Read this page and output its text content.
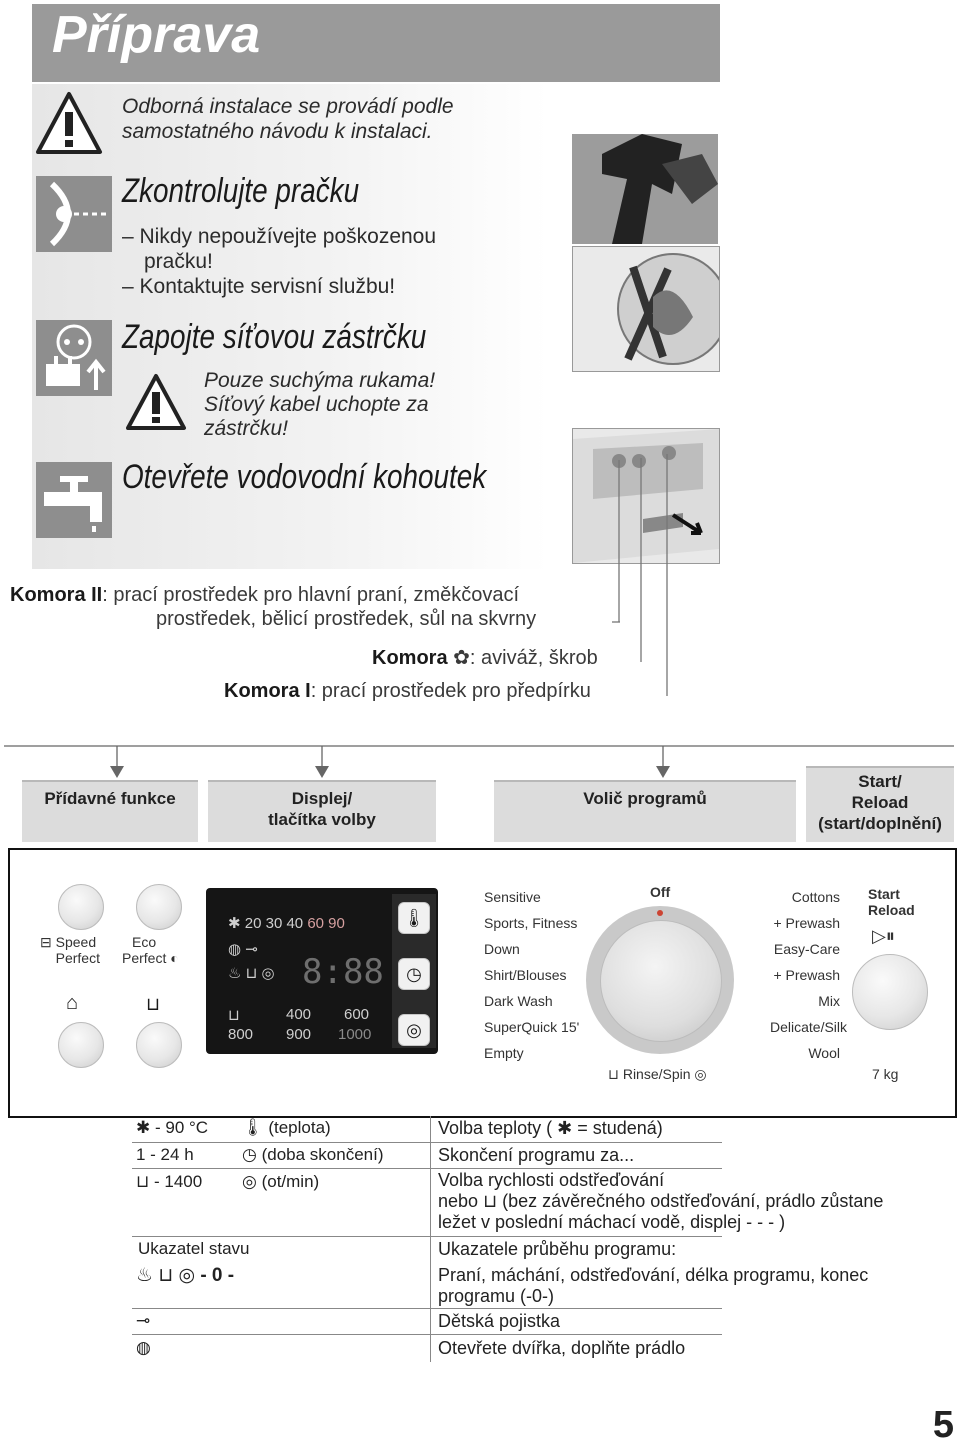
Příprava
Odborná instalace se provádí podle
samostatného návodu k instalaci.
Zkontrolujte pračku
– Nikdy nepoužívejte poškozenou
pračku!
– Kontaktujte servisní službu!
Zapojte síťovou zástrčku
Pouze suchýma rukama!
Síťový kabel uchopte za
zástrčku!
Otevřete vodovodní kohoutek
Komora II: prací prostředek pro hlavní praní, změkčovací
prostředek, bělicí prostředek, sůl na skvrny
Komora ✿: aviváž, škrob
Komora I: prací prostředek pro předpírku
Přídavné funkce	Displej/
tlačítka volby
Volič programů
Start/
Reload
(start/doplnění)
⊟ Speed
Perfect
Eco
Perfect ◐
⌂	⊔
✱ 20 30 40 60 90
◍ ⊸
♨ ⊔ ◎ 8:88
⊔	400 600
800 900 1000
🌡
◷
◎
Sensitive
Sports, Fitness
Down
Shirt/Blouses
Dark Wash
SuperQuick 15'
Empty
Cottons
+ Prewash
Easy-Care
+ Prewash
Mix
Delicate/Silk
Wool
Off
⊔ Rinse/Spin ◎
Start
Reload
▷⏸
7 kg
✱ - 90 °C 🌡 (teplota)	Volba teploty ( ✱ = studená)
1 - 24 h	◷ (doba skončení)	Skončení programu za...
⊔ - 1400 ◎ (ot/min)	Volba rychlosti odstřeďování
nebo ⊔ (bez závěrečného odstřeďování, prádlo zůstane
ležet v poslední máchací vodě, displej - - - )
Ukazatel stavu	Ukazatele průběhu programu:
♨ ⊔ ◎ - 0 -	Praní, máchání, odstřeďování, délka programu, konec
programu (-0-)
⊸	Dětská pojistka
◍	Otevřete dvířka, doplňte prádlo
5
